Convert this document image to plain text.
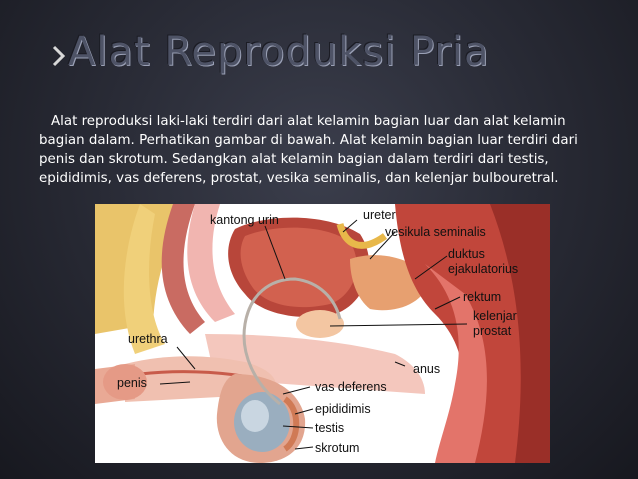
Alat Reproduksi Pria

Alat reproduksi laki-laki terdiri dari alat kelamin bagian luar dan alat kelamin bagian dalam. Perhatikan gambar di bawah. Alat kelamin bagian luar terdiri dari penis dan skrotum. Sedangkan alat kelamin bagian dalam terdiri dari testis, epididimis, vas deferens, prostat, vesika seminalis, dan kelenjar bulbouretral.

kantong urin	ureter
vesikula seminalis
duktus
ejakulatorius
rektum
kelenjar
prostat
urethra
anus
penis	vas deferens
epididimis
testis
skrotum
